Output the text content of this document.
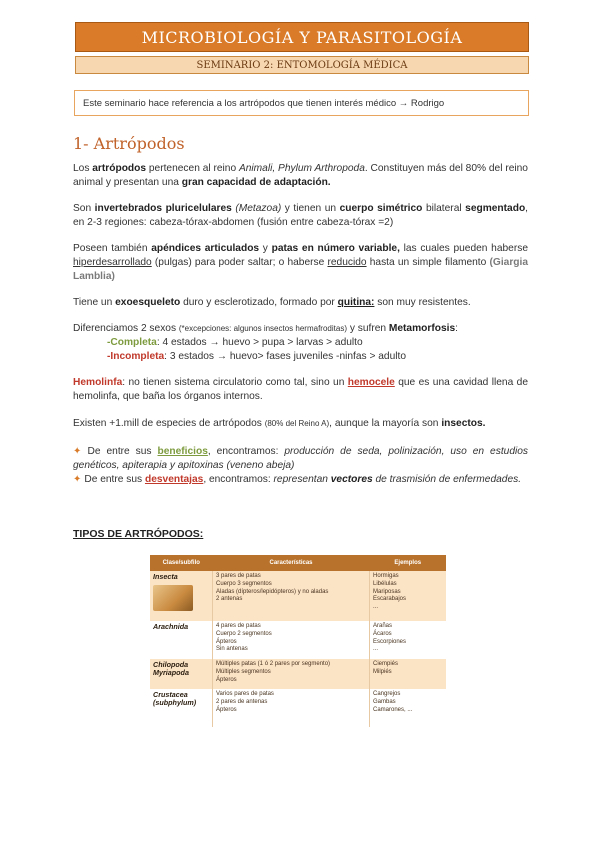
MICROBIOLOGÍA Y PARASITOLOGÍA
SEMINARIO 2: ENTOMOLOGÍA MÉDICA
Este seminario hace referencia a los artrópodos que tienen interés médico → Rodrigo
1- Artrópodos
Los artrópodos pertenecen al reino Animali, Phylum Arthropoda. Constituyen más del 80% del reino animal y presentan una gran capacidad de adaptación.
Son invertebrados pluricelulares (Metazoa) y tienen un cuerpo simétrico bilateral segmentado, en 2-3 regiones: cabeza-tórax-abdomen (fusión entre cabeza-tórax =2)
Poseen también apéndices articulados y patas en número variable, las cuales pueden haberse hiperdesarrollado (pulgas) para poder saltar; o haberse reducido hasta un simple filamento (Giargia Lamblia)
Tiene un exoesqueleto duro y esclerotizado, formado por quitina: son muy resistentes.
Diferenciamos 2 sexos (*excepciones: algunos insectos hermafroditas) y sufren Metamorfosis:
-Completa: 4 estados → huevo > pupa > larvas > adulto
-Incompleta: 3 estados → huevo> fases juveniles -ninfas > adulto
Hemolinfa: no tienen sistema circulatorio como tal, sino un hemocele que es una cavidad llena de hemolinfa, que baña los órganos internos.
Existen +1.mill de especies de artrópodos (80% del Reino A), aunque la mayoría son insectos.
✦ De entre sus beneficios, encontramos: producción de seda, polinización, uso en estudios genéticos, apiterapia y apitoxinas (veneno abeja)
✦ De entre sus desventajas, encontramos: representan vectores de trasmisión de enfermedades.
TIPOS DE ARTRÓPODOS:
Clase/subfilo	Características	Ejemplos
Insecta	3 pares de patas
Cuerpo 3 segmentos
Aladas (dípteros/lepidópteros) y no aladas
2 antenas	Hormigas
Libélulas
Mariposas
Escarabajos
...
Arachnida	4 pares de patas
Cuerpo 2 segmentos
Ápteros
Sin antenas	Arañas
Ácaros
Escorpiones
...
Chilopoda
Myriapoda	Múltiples patas (1 ó 2 pares por segmento)
Múltiples segmentos
Ápteros	Ciempiés
Milpiés
Crustacea
(subphylum)	Varios pares de patas
2 pares de antenas
Ápteros	Cangrejos
Gambas
Camarones, ...
